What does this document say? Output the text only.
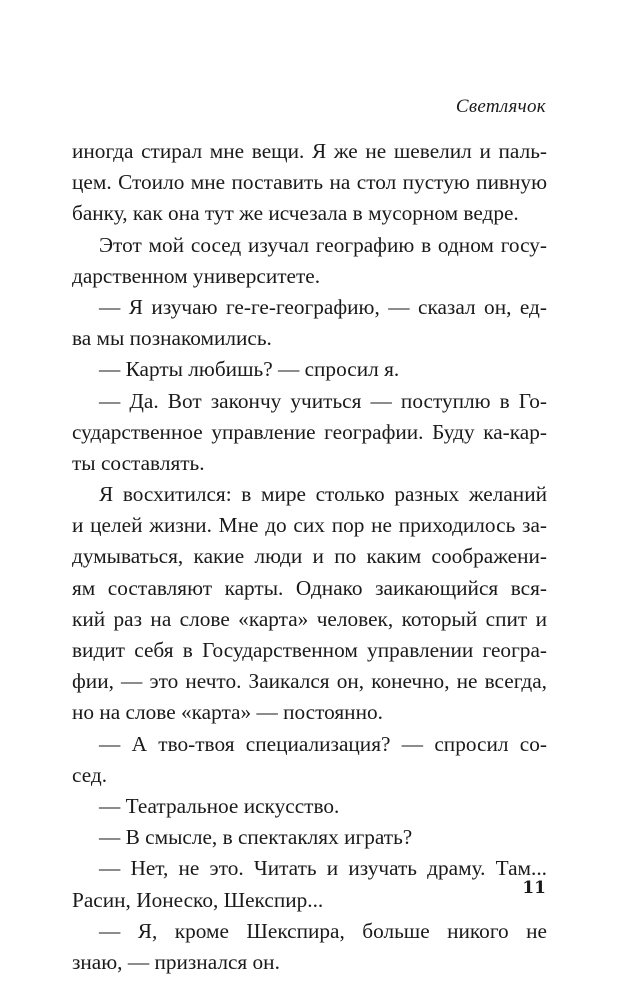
Светлячок
иногда стирал мне вещи. Я же не шевелил и паль-
цем. Стоило мне поставить на стол пустую пивную
банку, как она тут же исчезала в мусорном ведре.
Этот мой сосед изучал географию в одном госу-
дарственном университете.
— Я изучаю ге-ге-географию, — сказал он, ед-
ва мы познакомились.
— Карты любишь? — спросил я.
— Да. Вот закончу учиться — поступлю в Го-
сударственное управление географии. Буду ка-кар-
ты составлять.
Я восхитился: в мире столько разных желаний
и целей жизни. Мне до сих пор не приходилось за-
думываться, какие люди и по каким соображени-
ям составляют карты. Однако заикающийся вся-
кий раз на слове «карта» человек, который спит и
видит себя в Государственном управлении геогра-
фии, — это нечто. Заикался он, конечно, не всегда,
но на слове «карта» — постоянно.
— А тво-твоя специализация? — спросил со-
сед.
— Театральное искусство.
— В смысле, в спектаклях играть?
— Нет, не это. Читать и изучать драму. Там...
Расин, Ионеско, Шекспир...
— Я, кроме Шекспира, больше никого не
знаю, — признался он.
11
